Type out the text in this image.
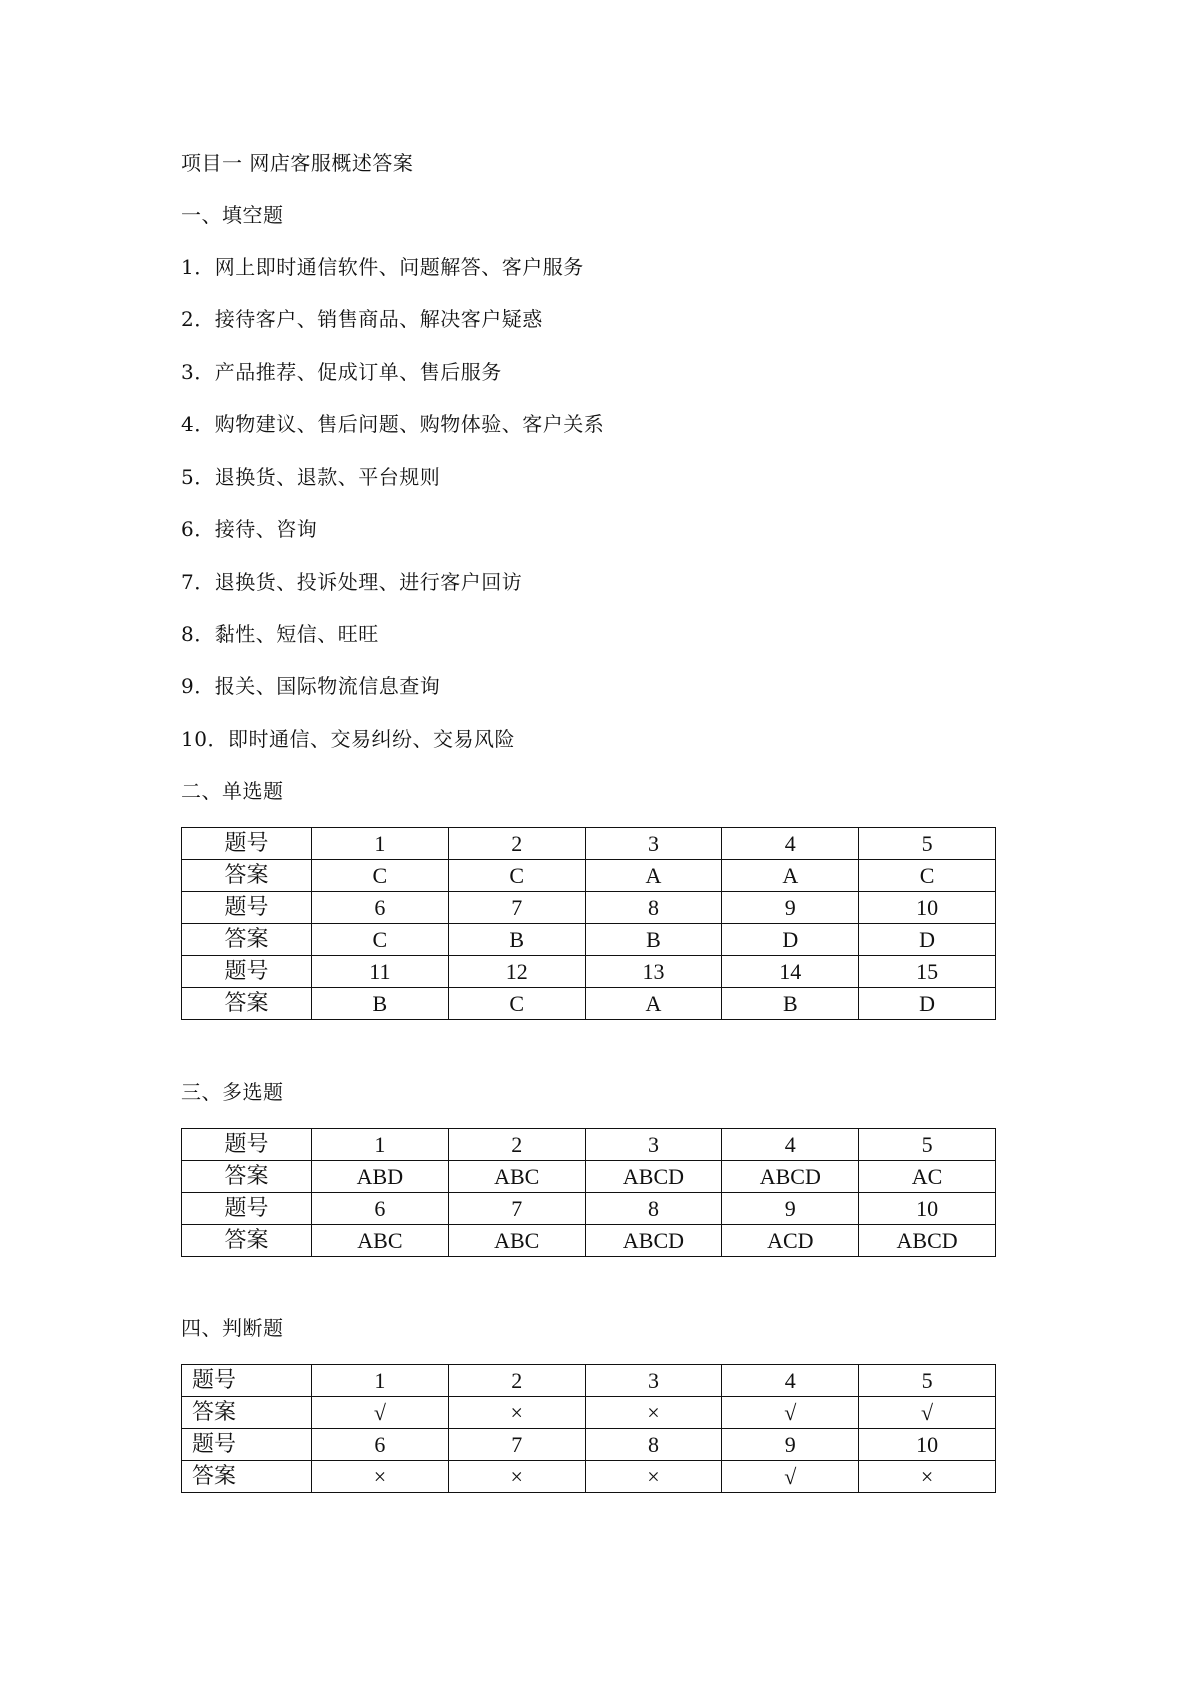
项目一 网店客服概述答案
一、填空题
1．网上即时通信软件、问题解答、客户服务
2．接待客户、销售商品、解决客户疑惑
3．产品推荐、促成订单、售后服务
4．购物建议、售后问题、购物体验、客户关系
5．退换货、退款、平台规则
6．接待、咨询
7．退换货、投诉处理、进行客户回访
8．黏性、短信、旺旺
9．报关、国际物流信息查询
10．即时通信、交易纠纷、交易风险
二、单选题
题号	1	2	3	4	5
答案	C	C	A	A	C
题号	6	7	8	9	10
答案	C	B	B	D	D
题号	11	12	13	14	15
答案	B	C	A	B	D
三、多选题
题号	1	2	3	4	5
答案	ABD	ABC	ABCD	ABCD	AC
题号	6	7	8	9	10
答案	ABC	ABC	ABCD	ACD	ABCD
四、判断题
题号	1	2	3	4	5
答案	√	×	×	√	√
题号	6	7	8	9	10
答案	×	×	×	√	×
